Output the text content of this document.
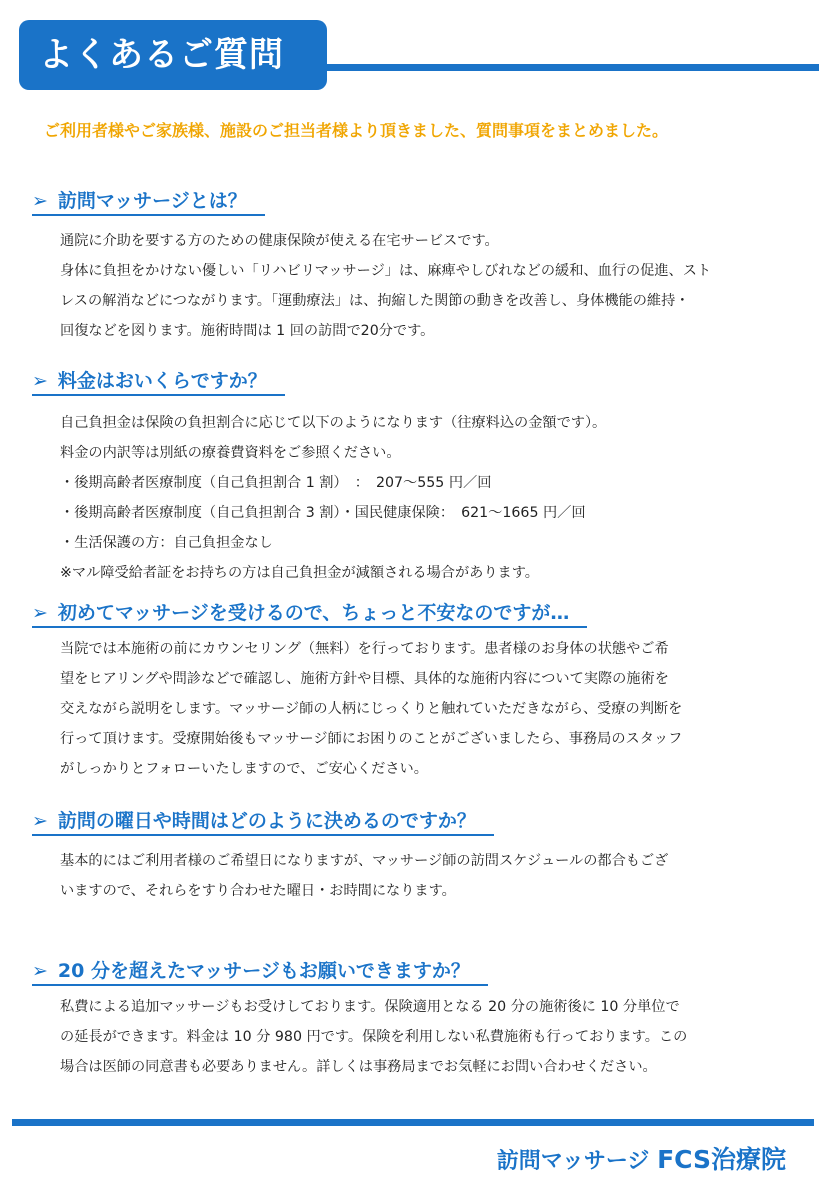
よくあるご質問
ご利用者様やご家族様、施設のご担当者様より頂きました、質問事項をまとめました。
➢ 訪問マッサージとは？

通院に介助を要する方のための健康保険が使える在宅サービスです。

身体に負担をかけない優しい「リハビリマッサージ」は、麻痺やしびれなどの緩和、血行の促進、スト

レスの解消などにつながります。「運動療法」は、拘縮した関節の動きを改善し、身体機能の維持・

回復などを図ります。施術時間は 1 回の訪問で20分です。

➢ 料金はおいくらですか？

自己負担金は保険の負担割合に応じて以下のようになります（往療料込の金額です）。

料金の内訳等は別紙の療養費資料をご参照ください。

・後期高齢者医療制度（自己負担割合 1 割）　：　207～555 円／回

・後期高齢者医療制度（自己負担割合 3 割）・国民健康保険：　621～1665 円／回

・生活保護の方：自己負担金なし

※マル障受給者証をお持ちの方は自己負担金が減額される場合があります。

➢ 初めてマッサージを受けるので、ちょっと不安なのですが…

当院では本施術の前にカウンセリング（無料）を行っております。患者様のお身体の状態やご希

望をヒアリングや問診などで確認し、施術方針や目標、具体的な施術内容について実際の施術を

交えながら説明をします。マッサージ師の人柄にじっくりと触れていただきながら、受療の判断を

行って頂けます。受療開始後もマッサージ師にお困りのことがございましたら、事務局のスタッフ

がしっかりとフォローいたしますので、ご安心ください。

➢ 訪問の曜日や時間はどのように決めるのですか？

基本的にはご利用者様のご希望日になりますが、マッサージ師の訪問スケジュールの都合もござ

いますので、それらをすり合わせた曜日・お時間になります。

➢ 20 分を超えたマッサージもお願いできますか？

私費による追加マッサージもお受けしております。保険適用となる 20 分の施術後に 10 分単位で

の延長ができます。料金は 10 分 980 円です。保険を利用しない私費施術も行っております。この

場合は医師の同意書も必要ありません。詳しくは事務局までお気軽にお問い合わせください。

訪問マッサージ FCS治療院
